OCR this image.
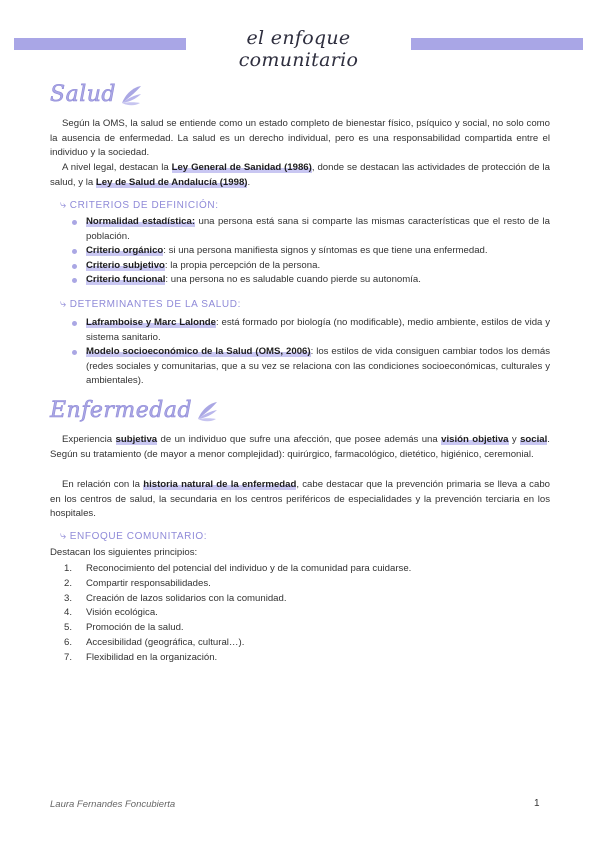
el enfoque comunitario
Salud
Según la OMS, la salud se entiende como un estado completo de bienestar físico, psíquico y social, no solo como la ausencia de enfermedad. La salud es un derecho individual, pero es una responsabilidad compartida entre el individuo y la sociedad.
A nivel legal, destacan la Ley General de Sanidad (1986), donde se destacan las actividades de protección de la salud, y la Ley de Salud de Andalucía (1998).
⤷ CRITERIOS DE DEFINICIÓN:
Normalidad estadística: una persona está sana si comparte las mismas características que el resto de la población.
Criterio orgánico: si una persona manifiesta signos y síntomas es que tiene una enfermedad.
Criterio subjetivo: la propia percepción de la persona.
Criterio funcional: una persona no es saludable cuando pierde su autonomía.
⤷ DETERMINANTES DE LA SALUD:
Laframboise y Marc Lalonde: está formado por biología (no modificable), medio ambiente, estilos de vida y sistema sanitario.
Modelo socioeconómico de la Salud (OMS, 2006): los estilos de vida consiguen cambiar todos los demás (redes sociales y comunitarias, que a su vez se relaciona con las condiciones socioeconómicas, culturales y ambientales).
Enfermedad
Experiencia subjetiva de un individuo que sufre una afección, que posee además una visión objetiva y social. Según su tratamiento (de mayor a menor complejidad): quirúrgico, farmacológico, dietético, higiénico, ceremonial.
En relación con la historia natural de la enfermedad, cabe destacar que la prevención primaria se lleva a cabo en los centros de salud, la secundaria en los centros periféricos de especialidades y la prevención terciaria en los hospitales.
⤷ ENFOQUE COMUNITARIO:
Destacan los siguientes principios:
1.	Reconocimiento del potencial del individuo y de la comunidad para cuidarse.
2.	Compartir responsabilidades.
3.	Creación de lazos solidarios con la comunidad.
4.	Visión ecológica.
5.	Promoción de la salud.
6.	Accesibilidad (geográfica, cultural…).
7.	Flexibilidad en la organización.
Laura Fernandes Foncubierta	1
